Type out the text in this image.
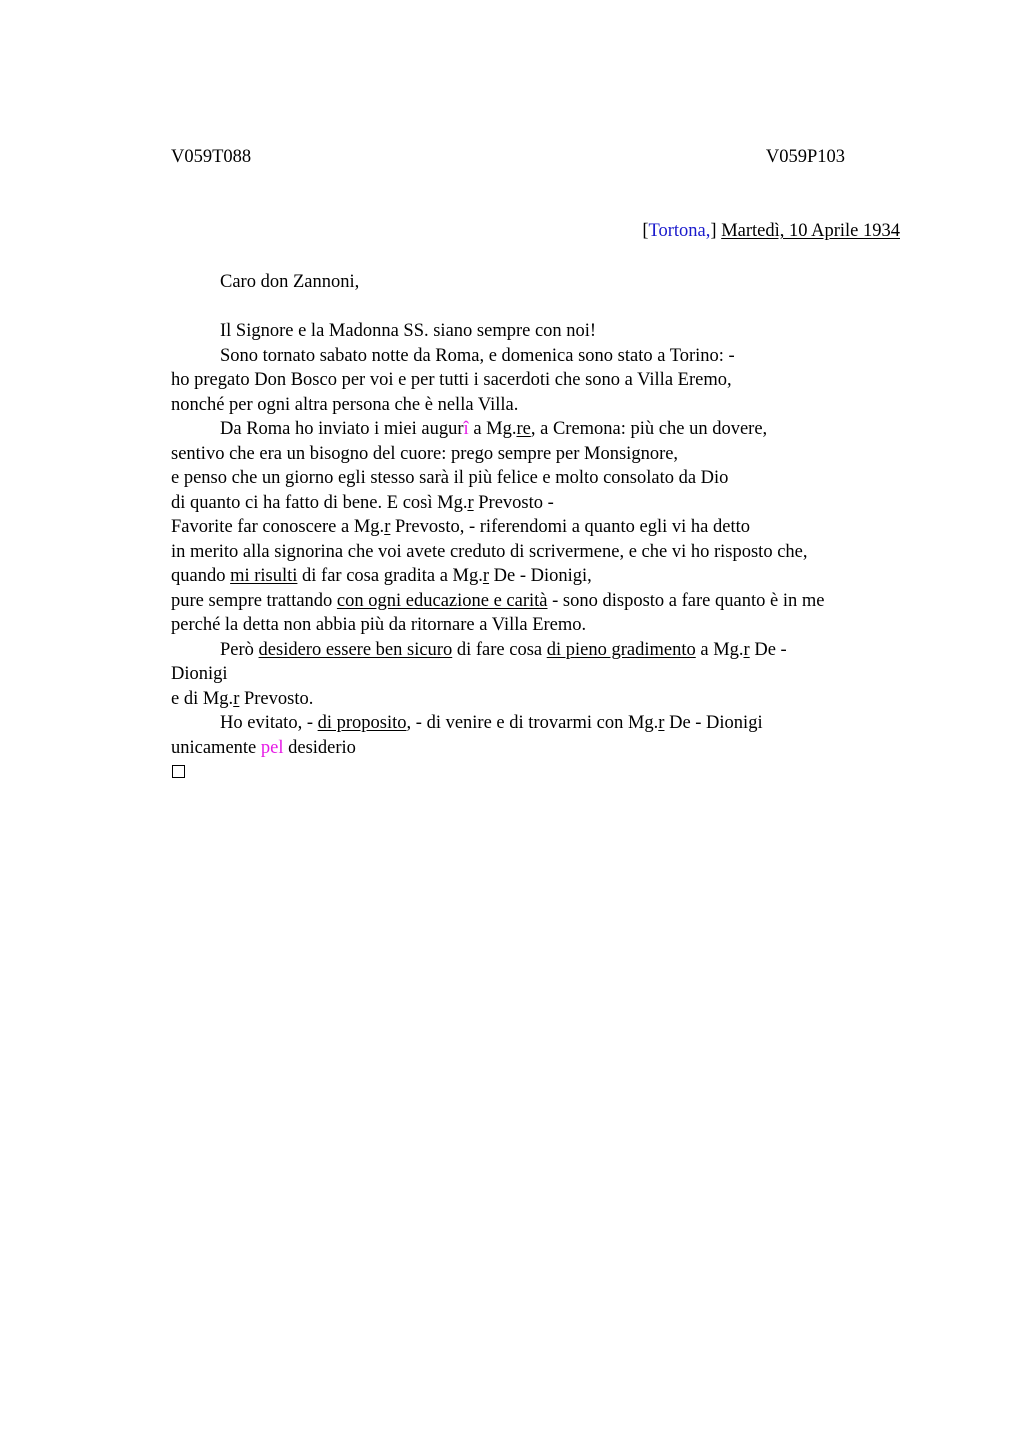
V059T088	V059P103
[Tortona,] Martedì, 10 Aprile 1934
Caro don Zannoni,
Il Signore e la Madonna SS. siano sempre con noi!
Sono tornato sabato notte da Roma, e domenica sono stato a Torino: -
ho pregato Don Bosco per voi e per tutti i sacerdoti che sono a Villa Eremo,
nonché per ogni altra persona che è nella Villa.
Da Roma ho inviato i miei augurî a Mg.re, a Cremona: più che un dovere,
sentivo che era un bisogno del cuore: prego sempre per Monsignore,
e penso che un giorno egli stesso sarà il più felice e molto consolato da Dio
di quanto ci ha fatto di bene. E così Mg.r Prevosto -
Favorite far conoscere a Mg.r Prevosto, - riferendomi a quanto egli vi ha detto
in merito alla signorina che voi avete creduto di scrivermene, e che vi ho risposto che,
quando mi risulti di far cosa gradita a Mg.r De - Dionigi,
pure sempre trattando con ogni educazione e carità - sono disposto a fare quanto è in me
perché la detta non abbia più da ritornare a Villa Eremo.
Però desidero essere ben sicuro di fare cosa di pieno gradimento a Mg.r De -
Dionigi
e di Mg.r Prevosto.
Ho evitato, - di proposito, - di venire e di trovarmi con Mg.r De - Dionigi
unicamente pel desiderio
